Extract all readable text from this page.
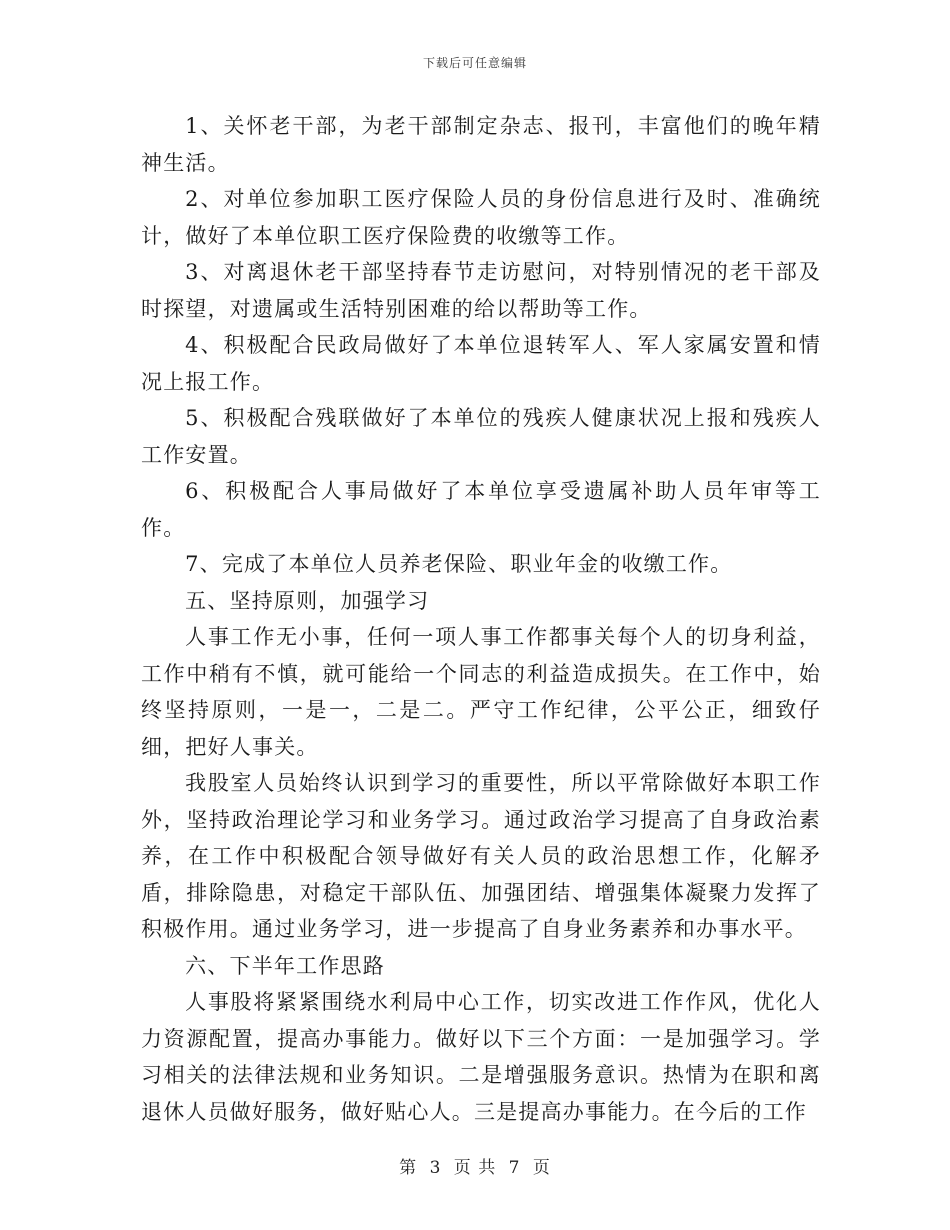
下载后可任意编辑

1、关怀老干部，为老干部制定杂志、报刊，丰富他们的晚年精神生活。

2、对单位参加职工医疗保险人员的身份信息进行及时、准确统计，做好了本单位职工医疗保险费的收缴等工作。

3、对离退休老干部坚持春节走访慰问，对特别情况的老干部及时探望，对遗属或生活特别困难的给以帮助等工作。

4、积极配合民政局做好了本单位退转军人、军人家属安置和情况上报工作。

5、积极配合残联做好了本单位的残疾人健康状况上报和残疾人工作安置。

6、积极配合人事局做好了本单位享受遗属补助人员年审等工作。

7、完成了本单位人员养老保险、职业年金的收缴工作。

五、坚持原则，加强学习

人事工作无小事，任何一项人事工作都事关每个人的切身利益，工作中稍有不慎，就可能给一个同志的利益造成损失。在工作中，始终坚持原则，一是一，二是二。严守工作纪律，公平公正，细致仔细，把好人事关。

我股室人员始终认识到学习的重要性，所以平常除做好本职工作外，坚持政治理论学习和业务学习。通过政治学习提高了自身政治素养，在工作中积极配合领导做好有关人员的政治思想工作，化解矛盾，排除隐患，对稳定干部队伍、加强团结、增强集体凝聚力发挥了积极作用。通过业务学习，进一步提高了自身业务素养和办事水平。

六、下半年工作思路

人事股将紧紧围绕水利局中心工作，切实改进工作作风，优化人力资源配置，提高办事能力。做好以下三个方面：一是加强学习。学习相关的法律法规和业务知识。二是增强服务意识。热情为在职和离退休人员做好服务，做好贴心人。三是提高办事能力。在今后的工作

第 3 页 共 7 页
